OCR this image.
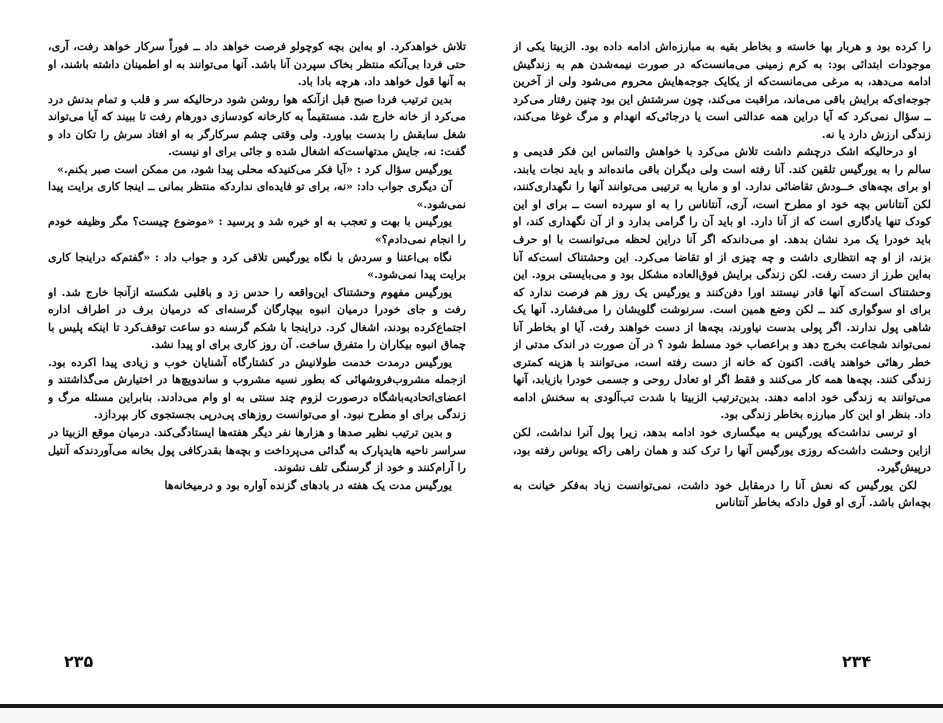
تلاش خواهدکرد. او به‌این بچه کوچولو فرصت خواهد داد ــ فوراً سرکار خواهد رفت، آری، حتی فردا بی‌آنکه منتظر بخاک سپردن آنا باشد. آنها می‌توانند به او اطمینان داشته باشند، او به آنها قول خواهد داد، هرچه بادا باد.

بدین ترتیب فردا صبح قبل ازآنکه هوا روشن شود درحالیکه سر و قلب و تمام بدنش درد می‌کرد از خانه خارج شد. مستقیماً به کارخانه کودسازی دورهام رفت تا ببیند که آیا می‌تواند شغل سابقش را بدست بیاورد. ولی وقتی چشم سرکارگر به او افتاد سرش را تکان داد و گفت: نه، جایش مدتهاست‌که اشغال شده و جائی برای او نیست.

یورگیس سؤال کرد : «آیا فکر می‌کنیدکه محلی پیدا شود، من ممکن است صبر بکنم.»

آن دیگری جواب داد: «نه، برای تو فایده‌ای نداردکه منتظر بمانی ــ اینجا کاری برایت پیدا نمی‌شود.»

یورگیس با بهت و تعجب به او خیره شد و پرسید : «موضوع چیست؟ مگر وظیفه خودم را انجام نمی‌دادم؟»

نگاه بی‌اعتنا و سردش با نگاه یورگیس تلاقی کرد و جواب داد : «گفتم‌که دراینجا کاری برایت پیدا نمی‌شود.»

یورگیس مفهوم وحشتناک این‌واقعه را حدس زد و باقلبی شکسته ازآنجا خارج شد. او رفت و جای خودرا درمیان انبوه بیچارگان گرسنه‌ای که درمیان برف در اطراف اداره اجتماع‌کرده بودند، اشغال کرد. دراینجا با شکم گرسنه دو ساعت توقف‌کرد تا اینکه پلیس با چماق انبوه بیکاران را متفرق ساخت. آن روز کاری برای او پیدا نشد.

یورگیس درمدت خدمت طولانیش در کشتارگاه آشنایان خوب و زیادی پیدا اکرده بود. ازجمله مشروب‌فروشهائی که بطور نسیه مشروب و ساندویچ‌ها در اختیارش می‌گذاشتند و اعضای‌اتحادیه‌باشگاه درصورت لزوم چند سنتی به او وام می‌دادند. بنابراین مسئله مرگ و زندگی برای او مطرح نبود. او می‌توانست روزهای پی‌درپی بجستجوی کار بپردازد.

و بدین ترتیب نظیر صدها و هزارها نفر دیگر هفته‌ها ایستادگی‌کند. درمیان موقع الزبیتا در سراسر ناحیه هایدپارک به گدائی می‌پرداخت و بچه‌ها بقدرکافی پول بخانه می‌آوردندکه آنتیل را آرام‌کنند و خود از گرسنگی تلف نشوند.

یورگیس مدت یک هفته در بادهای گزنده آواره بود و درمیخانه‌ها

را کرده بود و هربار بها خاسته و بخاطر بقیه به مبارزه‌اش ادامه داده بود. الزبیتا یکی از موجودات ابتدائی بود: به کرم زمینی می‌مانست‌که در صورت نیمه‌شدن هم به زندگیش ادامه می‌دهد، به مرغی می‌مانست‌که از یکایک جوجه‌هایش محروم می‌شود ولی از آخرین جوجه‌ای‌که برایش باقی می‌ماند، مراقبت می‌کند، چون سرشتش این بود چنین رفتار می‌کرد ــ سؤال نمی‌کرد که آیا دراین همه عدالتی است یا درجائی‌که انهدام و مرگ غوغا می‌کند، زندگی ارزش دارد یا نه.

او درحالیکه اشک درچشم داشت تلاش می‌کرد با خواهش والتماس این فکر قدیمی و سالم را به یورگیس تلقین کند. آنا رفته است ولی دیگران باقی مانده‌اند و باید نجات یابند. او برای بچه‌های خــودش تقاضائی ندارد. او و ماریا به ترتیبی می‌توانند آنها را نگهداری‌کنند، لکن آنتاناس بچه خود او مطرح است، آری، آنتاناس را به او سپرده است ــ برای او این کودک تنها یادگاری است که از آنا دارد. او باید آن را گرامی بدارد و از آن نگهداری کند، او باید خودرا یک مرد نشان بدهد. او می‌داندکه اگر آنا دراین لحظه می‌توانست با او حرف بزند، از او چه انتظاری داشت و چه چیزی از او تقاضا می‌کرد. این وحشتناک است‌که آنا به‌این طرز از دست رفت. لکن زندگی برایش فوق‌العاده مشکل بود و می‌بایستی برود. این وحشتناک است‌که آنها قادر نیستند اورا دفن‌کنند و یورگیس یک روز هم فرصت ندارد که برای او سوگواری کند ــ لکن وضع همین است. سرنوشت گلویشان را می‌فشارد. آنها یک شاهی پول ندارند. اگر پولی بدست نیاورند، بچه‌ها از دست خواهند رفت. آیا او بخاطر آنا نمی‌تواند شجاعت بخرج دهد و براعصاب خود مسلط شود ؟ در آن صورت در اندک مدتی از خطر رهائی خواهند یافت. اکنون که خانه از دست رفته است، می‌توانند با هزینه کمتری زندگی کنند. بچه‌ها همه کار می‌کنند و فقط اگر او تعادل روحی و جسمی خودرا بازیابد، آنها می‌توانند به زندگی خود ادامه دهند. بدین‌ترتیب الزبیتا با شدت تب‌آلودی به سخنش ادامه داد. بنظر او این کار مبارزه بخاطر زندگی بود.

او ترسی نداشت‌که یورگیس به میگساری خود ادامه بدهد، زیرا پول آنرا نداشت، لکن ازاین وحشت داشت‌که روزی یورگیس آنها را ترک کند و همان راهی راکه یوناس رفته بود، درپیش‌گیرد.

لکن یورگیس که نعش آنا را درمقابل خود داشت، نمی‌توانست زیاد به‌فکر خیانت به بچه‌اش باشد. آری او قول دادکه بخاطر آنتاناس

۲۳۵	۲۳۴
